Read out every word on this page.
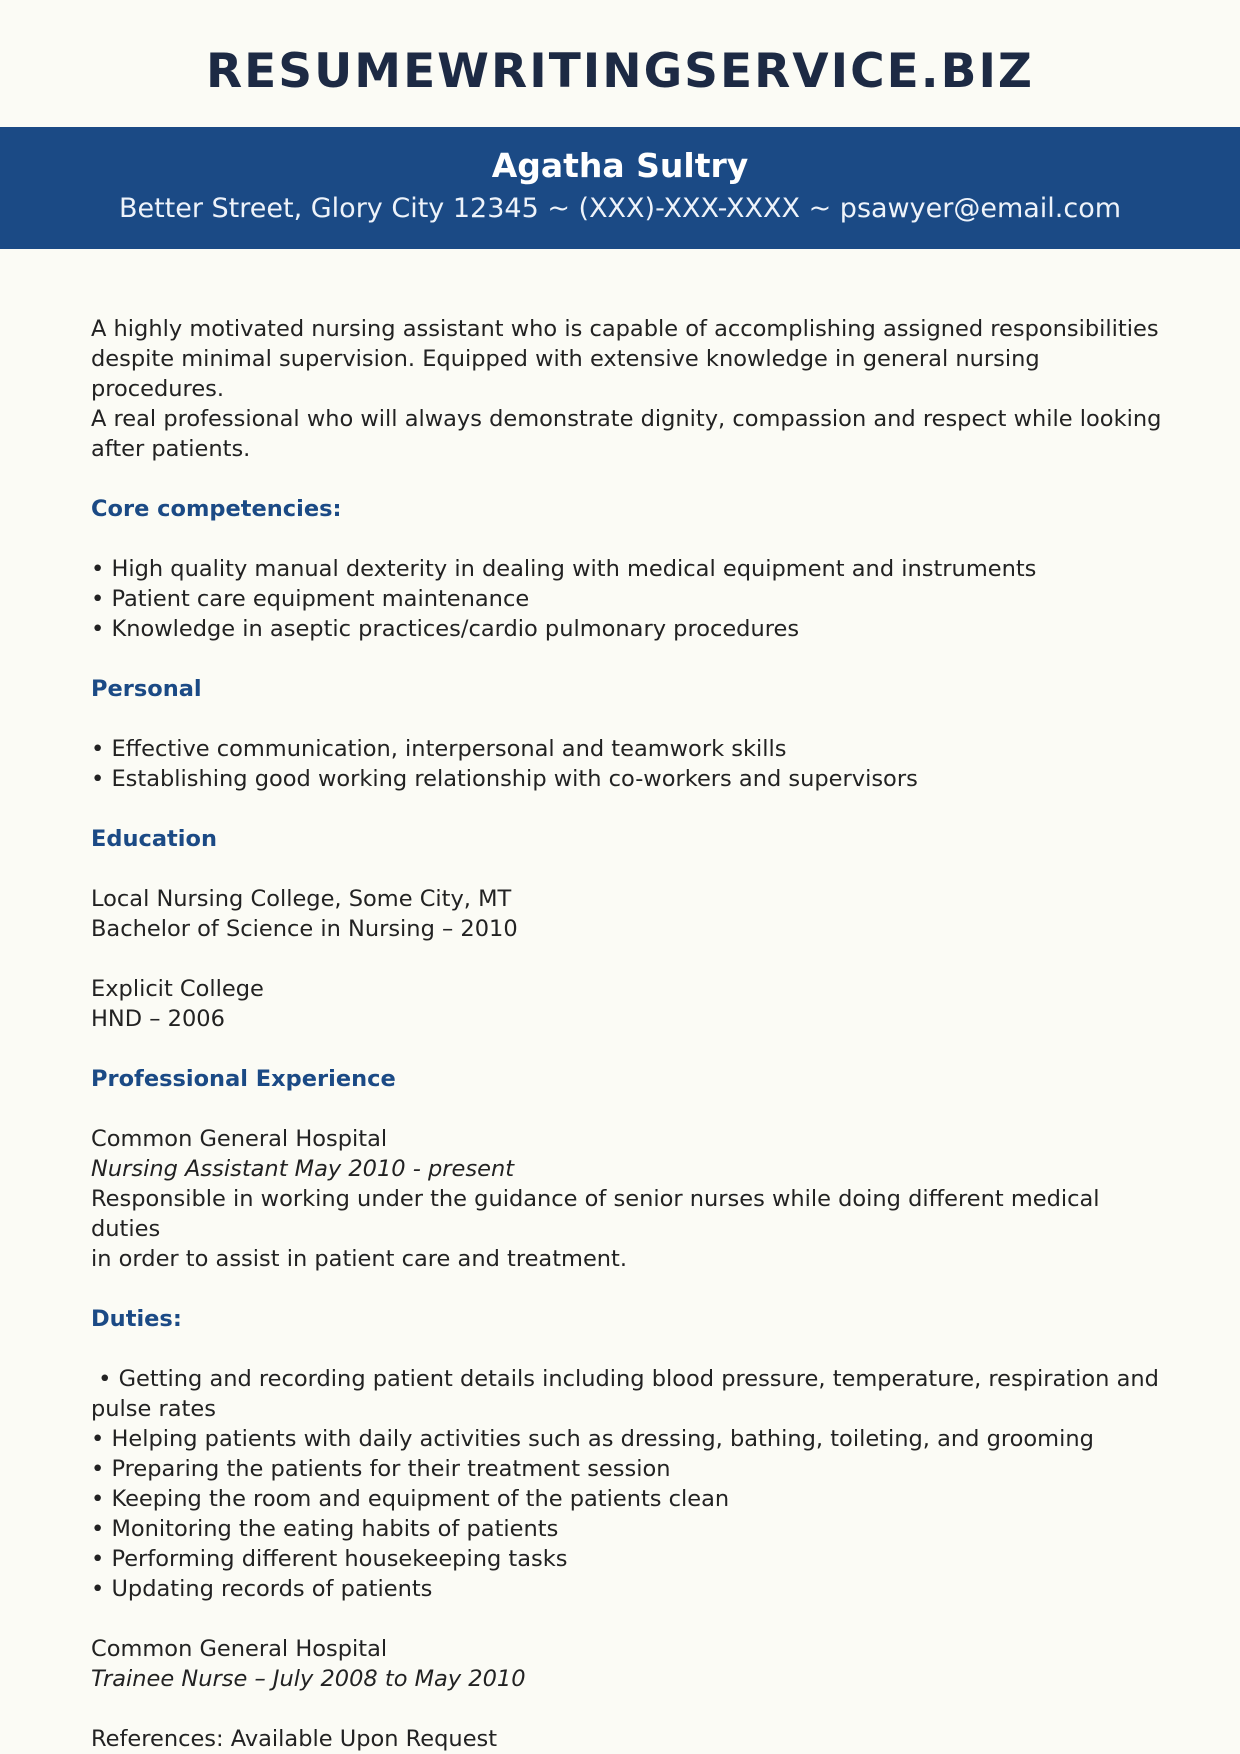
RESUMEWRITINGSERVICE.BIZ
Agatha Sultry
Better Street, Glory City 12345 ~ (XXX)-XXX-XXXX ~ psawyer@email.com

A highly motivated nursing assistant who is capable of accomplishing assigned responsibilities

despite minimal supervision. Equipped with extensive knowledge in general nursing procedures.

A real professional who will always demonstrate dignity, compassion and respect while looking

after patients.

Core competencies:

• High quality manual dexterity in dealing with medical equipment and instruments

• Patient care equipment maintenance

• Knowledge in aseptic practices/cardio pulmonary procedures

Personal

• Effective communication, interpersonal and teamwork skills

• Establishing good working relationship with co-workers and supervisors

Education

Local Nursing College, Some City, MT

Bachelor of Science in Nursing – 2010

Explicit College

HND – 2006

Professional Experience

Common General Hospital

Nursing Assistant May 2010 - present

Responsible in working under the guidance of senior nurses while doing different medical duties

in order to assist in patient care and treatment.

Duties:

• Getting and recording patient details including blood pressure, temperature, respiration and

pulse rates

• Helping patients with daily activities such as dressing, bathing, toileting, and grooming

• Preparing the patients for their treatment session

• Keeping the room and equipment of the patients clean

• Monitoring the eating habits of patients

• Performing different housekeeping tasks

• Updating records of patients

Common General Hospital

Trainee Nurse – July 2008 to May 2010

References: Available Upon Request
